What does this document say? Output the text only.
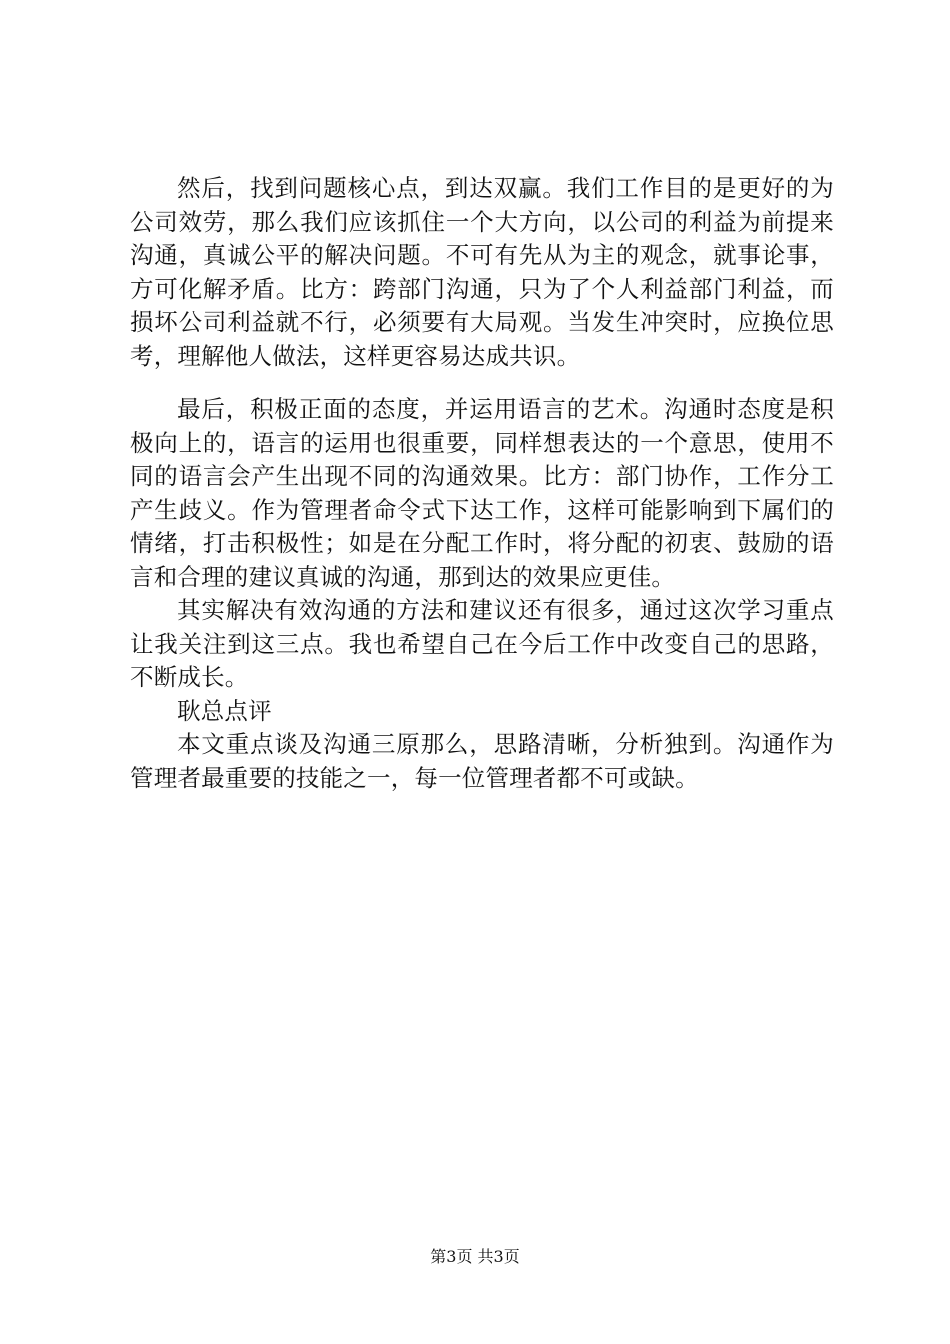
然后，找到问题核心点，到达双赢。我们工作目的是更好的为公司效劳，那么我们应该抓住一个大方向，以公司的利益为前提来沟通，真诚公平的解决问题。不可有先从为主的观念，就事论事，方可化解矛盾。比方：跨部门沟通，只为了个人利益部门利益，而损坏公司利益就不行，必须要有大局观。当发生冲突时，应换位思考，理解他人做法，这样更容易达成共识。

最后，积极正面的态度，并运用语言的艺术。沟通时态度是积极向上的，语言的运用也很重要，同样想表达的一个意思，使用不同的语言会产生出现不同的沟通效果。比方：部门协作，工作分工产生歧义。作为管理者命令式下达工作，这样可能影响到下属们的情绪，打击积极性；如是在分配工作时，将分配的初衷、鼓励的语言和合理的建议真诚的沟通，那到达的效果应更佳。

其实解决有效沟通的方法和建议还有很多，通过这次学习重点让我关注到这三点。我也希望自己在今后工作中改变自己的思路，不断成长。

耿总点评

本文重点谈及沟通三原那么，思路清晰，分析独到。沟通作为管理者最重要的技能之一，每一位管理者都不可或缺。

第3页 共3页
